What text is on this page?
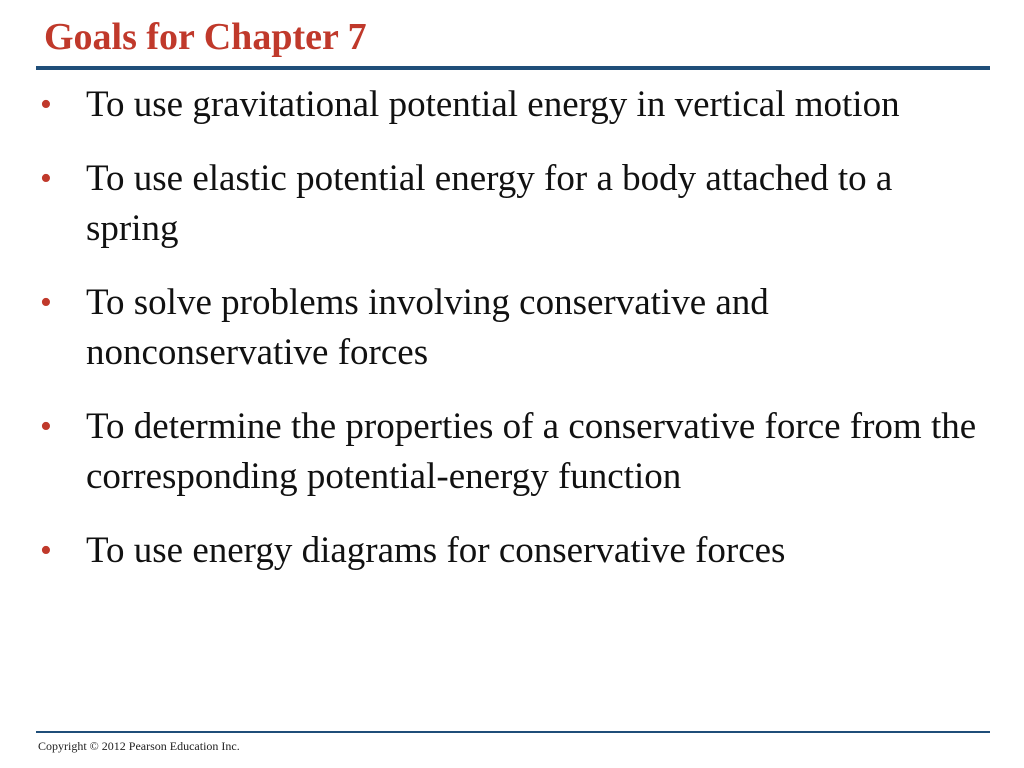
Goals for Chapter 7
• To use gravitational potential energy in vertical motion
• To use elastic potential energy for a body attached to a spring
• To solve problems involving conservative and nonconservative forces
• To determine the properties of a conservative force from the corresponding potential-energy function
• To use energy diagrams for conservative forces
Copyright © 2012 Pearson Education Inc.
